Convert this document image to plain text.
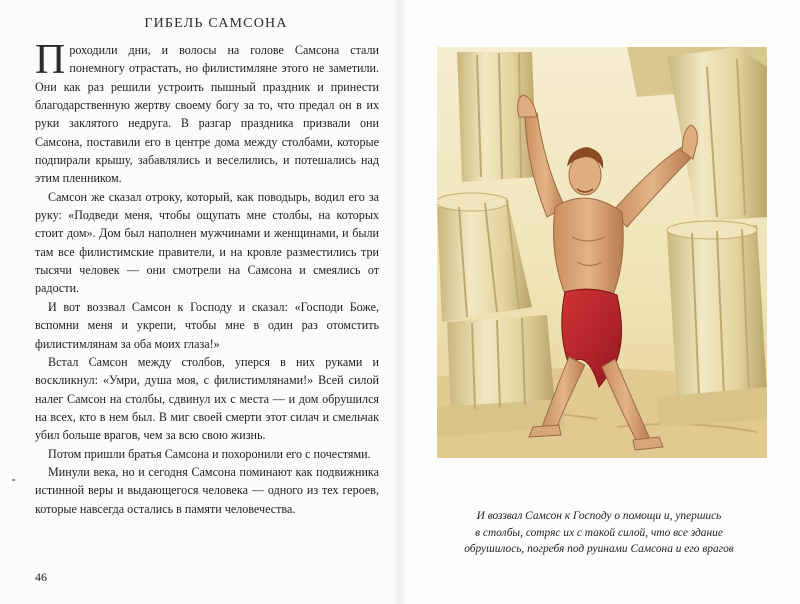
ГИБЕЛЬ САМСОНА

Проходили дни, и волосы на голове Самсона стали понемногу отрастать, но филистимляне этого не заметили. Они как раз решили устроить пышный праздник и принести благодарственную жертву своему богу за то, что предал он в их руки заклятого недруга. В разгар праздника призвали они Самсона, поставили его в центре дома между столбами, которые подпирали крышу, забавлялись и веселились, и потешались над этим пленником.

Самсон же сказал отроку, который, как поводырь, водил его за руку: «Подведи меня, чтобы ощупать мне столбы, на которых стоит дом». Дом был наполнен мужчинами и женщинами, и были там все филистимские правители, и на кровле разместились три тысячи человек — они смотрели на Самсона и смеялись от радости.

И вот воззвал Самсон к Господу и сказал: «Господи Боже, вспомни меня и укрепи, чтобы мне в один раз отомстить филистимлянам за оба моих глаза!»

Встал Самсон между столбов, уперся в них руками и воскликнул: «Умри, душа моя, с филистимлянами!» Всей силой налег Самсон на столбы, сдвинул их с места — и дом обрушился на всех, кто в нем был. В миг своей смерти этот силач и смельчак убил больше врагов, чем за всю свою жизнь.

Потом пришли братья Самсона и похоронили его с почестями.

Минули века, но и сегодня Самсона поминают как подвижника истинной веры и выдающегося человека — одного из тех героев, которые навсегда остались в памяти человечества.

46
И воззвал Самсон к Господу о помощи и, упершись
в столбы, сотряс их с такой силой, что все здание
обрушилось, погребя под руинами Самсона и его врагов
